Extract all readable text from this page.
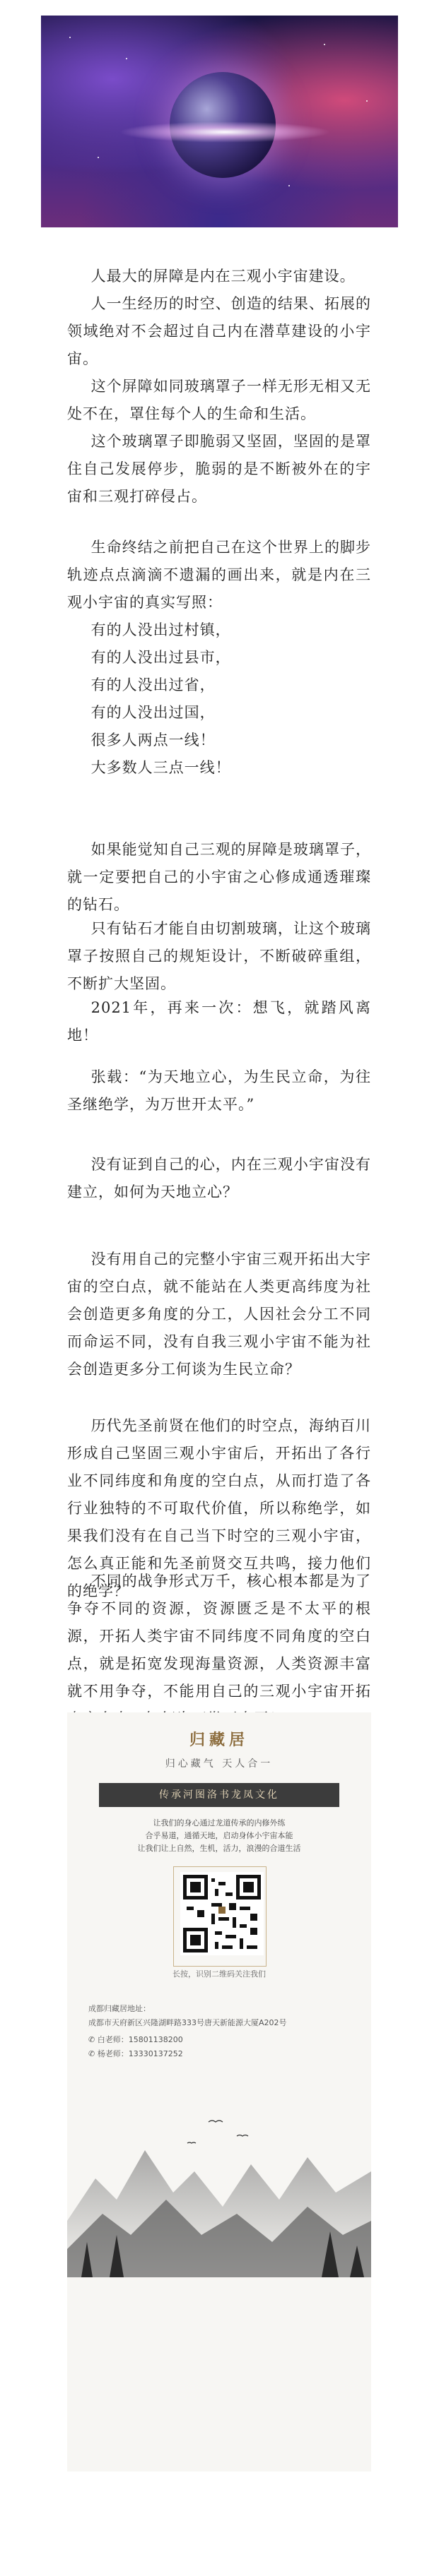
人最大的屏障是内在三观小宇宙建设。

人一生经历的时空、创造的结果、拓展的领域绝对不会超过自己内在潜草建设的小宇宙。

这个屏障如同玻璃罩子一样无形无相又无处不在，罩住每个人的生命和生活。

这个玻璃罩子即脆弱又坚固，坚固的是罩住自己发展停步，脆弱的是不断被外在的宇宙和三观打碎侵占。

生命终结之前把自己在这个世界上的脚步轨迹点点滴滴不遗漏的画出来，就是内在三观小宇宙的真实写照：

有的人没出过村镇，

有的人没出过县市，

有的人没出过省，

有的人没出过国，

很多人两点一线！

大多数人三点一线！

如果能觉知自己三观的屏障是玻璃罩子，就一定要把自己的小宇宙之心修成通透璀璨的钻石。

只有钻石才能自由切割玻璃，让这个玻璃罩子按照自己的规矩设计，不断破碎重组，不断扩大坚固。

2021年，再来一次：想飞，就踏风离地！

张载：“为天地立心，为生民立命，为往圣继绝学，为万世开太平。”

没有证到自己的心，内在三观小宇宙没有建立，如何为天地立心？

没有用自己的完整小宇宙三观开拓出大宇宙的空白点，就不能站在人类更高纬度为社会创造更多角度的分工，人因社会分工不同而命运不同，没有自我三观小宇宙不能为社会创造更多分工何谈为生民立命？

历代先圣前贤在他们的时空点，海纳百川形成自己坚固三观小宇宙后，开拓出了各行业不同纬度和角度的空白点，从而打造了各行业独特的不可取代价值，所以称绝学，如果我们没有在自己当下时空的三观小宇宙，怎么真正能和先圣前贤交互共鸣，接力他们的绝学？

不同的战争形式万千，核心根本都是为了争夺不同的资源，资源匮乏是不太平的根源，开拓人类宇宙不同纬度不同角度的空白点，就是拓宽发现海量资源，人类资源丰富就不用争夺，不能用自己的三观小宇宙开拓

归藏居
归心藏气 天人合一
传承河图洛书龙凤文化
让我们的身心通过龙道传承的内修外练
合乎易道，通循天地，启动身体小宇宙本能
让我们让上自然，生机，活力，浪漫的合道生活
长按，识别二维码关注我们
成都归藏居地址：
成都市天府新区兴隆湖畔路333号唐天新能源大厦A202号
✆ 白老师：15801138200
✆ 杨老师：13330137252
